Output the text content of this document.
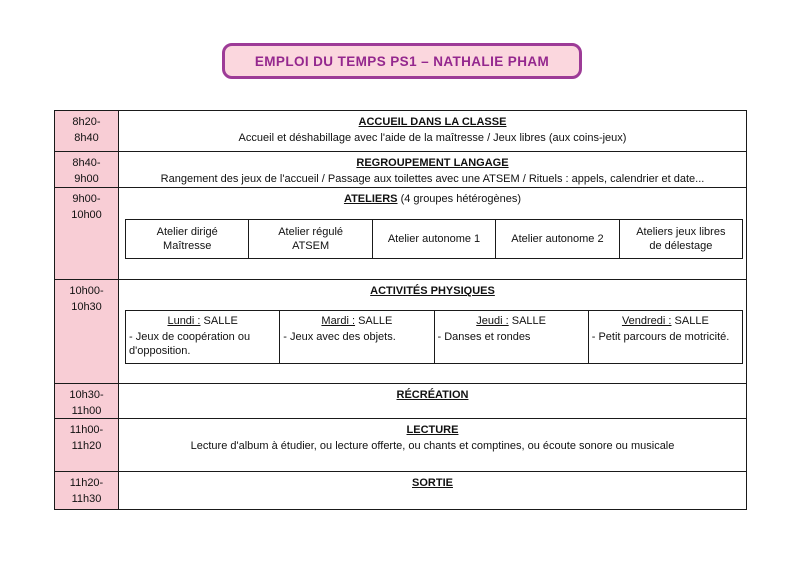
EMPLOI DU TEMPS PS1 – NATHALIE PHAM
8h20-
8h40
ACCUEIL DANS LA CLASSE
Accueil et déshabillage avec l'aide de la maîtresse / Jeux libres (aux coins-jeux)
8h40-
9h00
REGROUPEMENT LANGAGE
Rangement des jeux de l'accueil / Passage aux toilettes avec une ATSEM / Rituels : appels, calendrier et date...
9h00-
10h00
ATELIERS (4 groupes hétérogènes)
Atelier dirigé
Maîtresse
Atelier régulé
ATSEM
Atelier autonome 1	Atelier autonome 2
Ateliers jeux libres
de délestage
10h00-
10h30
ACTIVITÉS PHYSIQUES
Lundi : SALLE
- Jeux de coopération ou d'opposition.
Mardi : SALLE
- Jeux avec des objets.
Jeudi : SALLE
- Danses et rondes
Vendredi : SALLE
- Petit parcours de motricité.
10h30-
11h00
RÉCRÉATION
11h00-
11h20
LECTURE
Lecture d'album à étudier, ou lecture offerte, ou chants et comptines, ou écoute sonore ou musicale
11h20-
11h30
SORTIE
